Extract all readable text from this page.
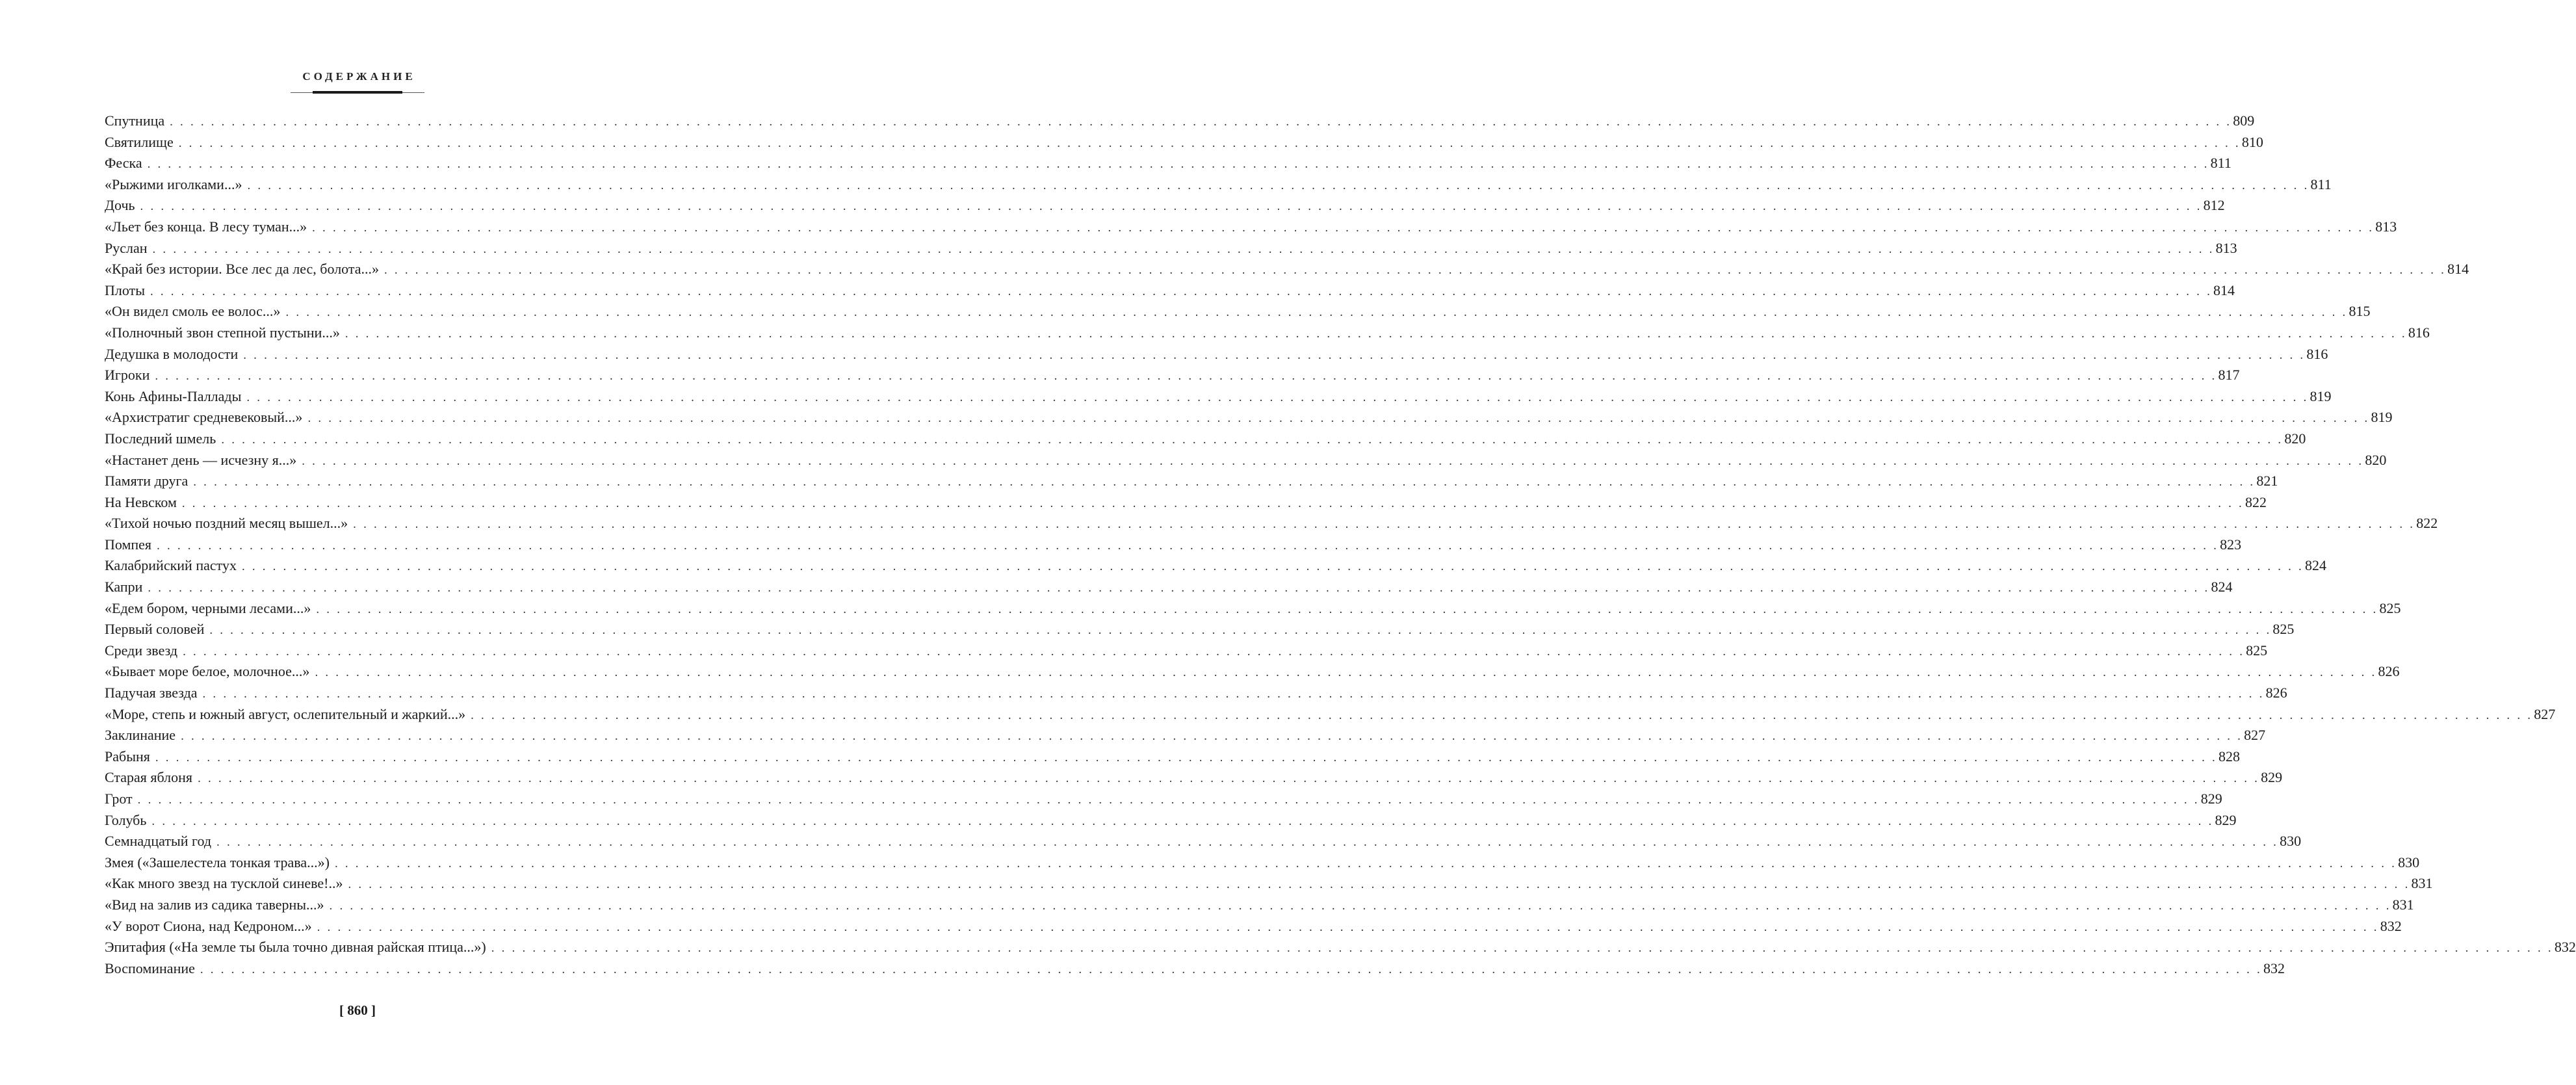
СОДЕРЖАНИЕ
Спутница . . . . . . . . . . . . . . . . . . . . . . . . . . . . . . . . . . . . . . . . . . . . . . . . . . . . . . . . . . . . . . . . . . . . . . . . . . . . . . . . . . . . . . . . . . . . . . . . . . . . . . . . . . . . . . . . . . . . . . . . . . . . . . . . . . . . . . . . . . . . . . . . . . . . . . . . . . . . . . . . . . . . . . . . . . . . . . . . . . . . . . . . . . . . . . . . . . . . . . . . 809
Святилище . . . . . . . . . . . . . . . . . . . . . . . . . . . . . . . . . . . . . . . . . . . . . . . . . . . . . . . . . . . . . . . . . . . . . . . . . . . . . . . . . . . . . . . . . . . . . . . . . . . . . . . . . . . . . . . . . . . . . . . . . . . . . . . . . . . . . . . . . . . . . . . . . . . . . . . . . . . . . . . . . . . . . . . . . . . . . . . . . . . . . . . . . . . . . . . . . . . . . . . . 810
Феска . . . . . . . . . . . . . . . . . . . . . . . . . . . . . . . . . . . . . . . . . . . . . . . . . . . . . . . . . . . . . . . . . . . . . . . . . . . . . . . . . . . . . . . . . . . . . . . . . . . . . . . . . . . . . . . . . . . . . . . . . . . . . . . . . . . . . . . . . . . . . . . . . . . . . . . . . . . . . . . . . . . . . . . . . . . . . . . . . . . . . . . . . . . . . . . . . . . . . . . . 811
«Рыжими иголками...» . . . . . . . . . . . . . . . . . . . . . . . . . . . . . . . . . . . . . . . . . . . . . . . . . . . . . . . . . . . . . . . . . . . . . . . . . . . . . . . . . . . . . . . . . . . . . . . . . . . . . . . . . . . . . . . . . . . . . . . . . . . . . . . . . . . . . . . . . . . . . . . . . . . . . . . . . . . . . . . . . . . . . . . . . . . . . . . . . . . . . . . . . . . . . . . . . . . . . . . . 811
Дочь . . . . . . . . . . . . . . . . . . . . . . . . . . . . . . . . . . . . . . . . . . . . . . . . . . . . . . . . . . . . . . . . . . . . . . . . . . . . . . . . . . . . . . . . . . . . . . . . . . . . . . . . . . . . . . . . . . . . . . . . . . . . . . . . . . . . . . . . . . . . . . . . . . . . . . . . . . . . . . . . . . . . . . . . . . . . . . . . . . . . . . . . . . . . . . . . . . . . . . . . 812
«Льет без конца. В лесу туман...» . . . . . . . . . . . . . . . . . . . . . . . . . . . . . . . . . . . . . . . . . . . . . . . . . . . . . . . . . . . . . . . . . . . . . . . . . . . . . . . . . . . . . . . . . . . . . . . . . . . . . . . . . . . . . . . . . . . . . . . . . . . . . . . . . . . . . . . . . . . . . . . . . . . . . . . . . . . . . . . . . . . . . . . . . . . . . . . . . . . . . . . . . . . . . . . . . . . . . . . . 813
Руслан . . . . . . . . . . . . . . . . . . . . . . . . . . . . . . . . . . . . . . . . . . . . . . . . . . . . . . . . . . . . . . . . . . . . . . . . . . . . . . . . . . . . . . . . . . . . . . . . . . . . . . . . . . . . . . . . . . . . . . . . . . . . . . . . . . . . . . . . . . . . . . . . . . . . . . . . . . . . . . . . . . . . . . . . . . . . . . . . . . . . . . . . . . . . . . . . . . . . . . . . 813
«Край без истории. Все лес да лес, болота...» . . . . . . . . . . . . . . . . . . . . . . . . . . . . . . . . . . . . . . . . . . . . . . . . . . . . . . . . . . . . . . . . . . . . . . . . . . . . . . . . . . . . . . . . . . . . . . . . . . . . . . . . . . . . . . . . . . . . . . . . . . . . . . . . . . . . . . . . . . . . . . . . . . . . . . . . . . . . . . . . . . . . . . . . . . . . . . . . . . . . . . . . . . . . . . . . . . . . . . . . 814
Плоты . . . . . . . . . . . . . . . . . . . . . . . . . . . . . . . . . . . . . . . . . . . . . . . . . . . . . . . . . . . . . . . . . . . . . . . . . . . . . . . . . . . . . . . . . . . . . . . . . . . . . . . . . . . . . . . . . . . . . . . . . . . . . . . . . . . . . . . . . . . . . . . . . . . . . . . . . . . . . . . . . . . . . . . . . . . . . . . . . . . . . . . . . . . . . . . . . . . . . . . . 814
«Он видел смоль ее волос...» . . . . . . . . . . . . . . . . . . . . . . . . . . . . . . . . . . . . . . . . . . . . . . . . . . . . . . . . . . . . . . . . . . . . . . . . . . . . . . . . . . . . . . . . . . . . . . . . . . . . . . . . . . . . . . . . . . . . . . . . . . . . . . . . . . . . . . . . . . . . . . . . . . . . . . . . . . . . . . . . . . . . . . . . . . . . . . . . . . . . . . . . . . . . . . . . . . . . . . . . 815
«Полночный звон степной пустыни...» . . . . . . . . . . . . . . . . . . . . . . . . . . . . . . . . . . . . . . . . . . . . . . . . . . . . . . . . . . . . . . . . . . . . . . . . . . . . . . . . . . . . . . . . . . . . . . . . . . . . . . . . . . . . . . . . . . . . . . . . . . . . . . . . . . . . . . . . . . . . . . . . . . . . . . . . . . . . . . . . . . . . . . . . . . . . . . . . . . . . . . . . . . . . . . . . . . . . . . . . 816
Дедушка в молодости . . . . . . . . . . . . . . . . . . . . . . . . . . . . . . . . . . . . . . . . . . . . . . . . . . . . . . . . . . . . . . . . . . . . . . . . . . . . . . . . . . . . . . . . . . . . . . . . . . . . . . . . . . . . . . . . . . . . . . . . . . . . . . . . . . . . . . . . . . . . . . . . . . . . . . . . . . . . . . . . . . . . . . . . . . . . . . . . . . . . . . . . . . . . . . . . . . . . . . . . 816
Игроки . . . . . . . . . . . . . . . . . . . . . . . . . . . . . . . . . . . . . . . . . . . . . . . . . . . . . . . . . . . . . . . . . . . . . . . . . . . . . . . . . . . . . . . . . . . . . . . . . . . . . . . . . . . . . . . . . . . . . . . . . . . . . . . . . . . . . . . . . . . . . . . . . . . . . . . . . . . . . . . . . . . . . . . . . . . . . . . . . . . . . . . . . . . . . . . . . . . . . . . . 817
Конь Афины-Паллады . . . . . . . . . . . . . . . . . . . . . . . . . . . . . . . . . . . . . . . . . . . . . . . . . . . . . . . . . . . . . . . . . . . . . . . . . . . . . . . . . . . . . . . . . . . . . . . . . . . . . . . . . . . . . . . . . . . . . . . . . . . . . . . . . . . . . . . . . . . . . . . . . . . . . . . . . . . . . . . . . . . . . . . . . . . . . . . . . . . . . . . . . . . . . . . . . . . . . . . . 819
«Архистратиг средневековый...» . . . . . . . . . . . . . . . . . . . . . . . . . . . . . . . . . . . . . . . . . . . . . . . . . . . . . . . . . . . . . . . . . . . . . . . . . . . . . . . . . . . . . . . . . . . . . . . . . . . . . . . . . . . . . . . . . . . . . . . . . . . . . . . . . . . . . . . . . . . . . . . . . . . . . . . . . . . . . . . . . . . . . . . . . . . . . . . . . . . . . . . . . . . . . . . . . . . . . . . . 819
Последний шмель . . . . . . . . . . . . . . . . . . . . . . . . . . . . . . . . . . . . . . . . . . . . . . . . . . . . . . . . . . . . . . . . . . . . . . . . . . . . . . . . . . . . . . . . . . . . . . . . . . . . . . . . . . . . . . . . . . . . . . . . . . . . . . . . . . . . . . . . . . . . . . . . . . . . . . . . . . . . . . . . . . . . . . . . . . . . . . . . . . . . . . . . . . . . . . . . . . . . . . . . 820
«Настанет день — исчезну я...» . . . . . . . . . . . . . . . . . . . . . . . . . . . . . . . . . . . . . . . . . . . . . . . . . . . . . . . . . . . . . . . . . . . . . . . . . . . . . . . . . . . . . . . . . . . . . . . . . . . . . . . . . . . . . . . . . . . . . . . . . . . . . . . . . . . . . . . . . . . . . . . . . . . . . . . . . . . . . . . . . . . . . . . . . . . . . . . . . . . . . . . . . . . . . . . . . . . . . . . . 820
Памяти друга . . . . . . . . . . . . . . . . . . . . . . . . . . . . . . . . . . . . . . . . . . . . . . . . . . . . . . . . . . . . . . . . . . . . . . . . . . . . . . . . . . . . . . . . . . . . . . . . . . . . . . . . . . . . . . . . . . . . . . . . . . . . . . . . . . . . . . . . . . . . . . . . . . . . . . . . . . . . . . . . . . . . . . . . . . . . . . . . . . . . . . . . . . . . . . . . . . . . . . . . 821
На Невском . . . . . . . . . . . . . . . . . . . . . . . . . . . . . . . . . . . . . . . . . . . . . . . . . . . . . . . . . . . . . . . . . . . . . . . . . . . . . . . . . . . . . . . . . . . . . . . . . . . . . . . . . . . . . . . . . . . . . . . . . . . . . . . . . . . . . . . . . . . . . . . . . . . . . . . . . . . . . . . . . . . . . . . . . . . . . . . . . . . . . . . . . . . . . . . . . . . . . . . . 822
«Тихой ночью поздний месяц вышел...» . . . . . . . . . . . . . . . . . . . . . . . . . . . . . . . . . . . . . . . . . . . . . . . . . . . . . . . . . . . . . . . . . . . . . . . . . . . . . . . . . . . . . . . . . . . . . . . . . . . . . . . . . . . . . . . . . . . . . . . . . . . . . . . . . . . . . . . . . . . . . . . . . . . . . . . . . . . . . . . . . . . . . . . . . . . . . . . . . . . . . . . . . . . . . . . . . . . . . . . . 822
Помпея . . . . . . . . . . . . . . . . . . . . . . . . . . . . . . . . . . . . . . . . . . . . . . . . . . . . . . . . . . . . . . . . . . . . . . . . . . . . . . . . . . . . . . . . . . . . . . . . . . . . . . . . . . . . . . . . . . . . . . . . . . . . . . . . . . . . . . . . . . . . . . . . . . . . . . . . . . . . . . . . . . . . . . . . . . . . . . . . . . . . . . . . . . . . . . . . . . . . . . . . 823
Калабрийский пастух . . . . . . . . . . . . . . . . . . . . . . . . . . . . . . . . . . . . . . . . . . . . . . . . . . . . . . . . . . . . . . . . . . . . . . . . . . . . . . . . . . . . . . . . . . . . . . . . . . . . . . . . . . . . . . . . . . . . . . . . . . . . . . . . . . . . . . . . . . . . . . . . . . . . . . . . . . . . . . . . . . . . . . . . . . . . . . . . . . . . . . . . . . . . . . . . . . . . . . . . 824
Капри . . . . . . . . . . . . . . . . . . . . . . . . . . . . . . . . . . . . . . . . . . . . . . . . . . . . . . . . . . . . . . . . . . . . . . . . . . . . . . . . . . . . . . . . . . . . . . . . . . . . . . . . . . . . . . . . . . . . . . . . . . . . . . . . . . . . . . . . . . . . . . . . . . . . . . . . . . . . . . . . . . . . . . . . . . . . . . . . . . . . . . . . . . . . . . . . . . . . . . . . 824
«Едем бором, черными лесами...» . . . . . . . . . . . . . . . . . . . . . . . . . . . . . . . . . . . . . . . . . . . . . . . . . . . . . . . . . . . . . . . . . . . . . . . . . . . . . . . . . . . . . . . . . . . . . . . . . . . . . . . . . . . . . . . . . . . . . . . . . . . . . . . . . . . . . . . . . . . . . . . . . . . . . . . . . . . . . . . . . . . . . . . . . . . . . . . . . . . . . . . . . . . . . . . . . . . . . . . . 825
Первый соловей . . . . . . . . . . . . . . . . . . . . . . . . . . . . . . . . . . . . . . . . . . . . . . . . . . . . . . . . . . . . . . . . . . . . . . . . . . . . . . . . . . . . . . . . . . . . . . . . . . . . . . . . . . . . . . . . . . . . . . . . . . . . . . . . . . . . . . . . . . . . . . . . . . . . . . . . . . . . . . . . . . . . . . . . . . . . . . . . . . . . . . . . . . . . . . . . . . . . . . . . 825
Среди звезд . . . . . . . . . . . . . . . . . . . . . . . . . . . . . . . . . . . . . . . . . . . . . . . . . . . . . . . . . . . . . . . . . . . . . . . . . . . . . . . . . . . . . . . . . . . . . . . . . . . . . . . . . . . . . . . . . . . . . . . . . . . . . . . . . . . . . . . . . . . . . . . . . . . . . . . . . . . . . . . . . . . . . . . . . . . . . . . . . . . . . . . . . . . . . . . . . . . . . . . . 825
«Бывает море белое, молочное...» . . . . . . . . . . . . . . . . . . . . . . . . . . . . . . . . . . . . . . . . . . . . . . . . . . . . . . . . . . . . . . . . . . . . . . . . . . . . . . . . . . . . . . . . . . . . . . . . . . . . . . . . . . . . . . . . . . . . . . . . . . . . . . . . . . . . . . . . . . . . . . . . . . . . . . . . . . . . . . . . . . . . . . . . . . . . . . . . . . . . . . . . . . . . . . . . . . . . . . . . 826
Падучая звезда . . . . . . . . . . . . . . . . . . . . . . . . . . . . . . . . . . . . . . . . . . . . . . . . . . . . . . . . . . . . . . . . . . . . . . . . . . . . . . . . . . . . . . . . . . . . . . . . . . . . . . . . . . . . . . . . . . . . . . . . . . . . . . . . . . . . . . . . . . . . . . . . . . . . . . . . . . . . . . . . . . . . . . . . . . . . . . . . . . . . . . . . . . . . . . . . . . . . . . . . 826
«Море, степь и южный август, ослепительный и жаркий...» . . . . . . . . . . . . . . . . . . . . . . . . . . . . . . . . . . . . . . . . . . . . . . . . . . . . . . . . . . . . . . . . . . . . . . . . . . . . . . . . . . . . . . . . . . . . . . . . . . . . . . . . . . . . . . . . . . . . . . . . . . . . . . . . . . . . . . . . . . . . . . . . . . . . . . . . . . . . . . . . . . . . . . . . . . . . . . . . . . . . . . . . . . . . . . . . . . . . . . . . 827
Заклинание . . . . . . . . . . . . . . . . . . . . . . . . . . . . . . . . . . . . . . . . . . . . . . . . . . . . . . . . . . . . . . . . . . . . . . . . . . . . . . . . . . . . . . . . . . . . . . . . . . . . . . . . . . . . . . . . . . . . . . . . . . . . . . . . . . . . . . . . . . . . . . . . . . . . . . . . . . . . . . . . . . . . . . . . . . . . . . . . . . . . . . . . . . . . . . . . . . . . . . . . 827
Рабыня . . . . . . . . . . . . . . . . . . . . . . . . . . . . . . . . . . . . . . . . . . . . . . . . . . . . . . . . . . . . . . . . . . . . . . . . . . . . . . . . . . . . . . . . . . . . . . . . . . . . . . . . . . . . . . . . . . . . . . . . . . . . . . . . . . . . . . . . . . . . . . . . . . . . . . . . . . . . . . . . . . . . . . . . . . . . . . . . . . . . . . . . . . . . . . . . . . . . . . . . 828
Старая яблоня . . . . . . . . . . . . . . . . . . . . . . . . . . . . . . . . . . . . . . . . . . . . . . . . . . . . . . . . . . . . . . . . . . . . . . . . . . . . . . . . . . . . . . . . . . . . . . . . . . . . . . . . . . . . . . . . . . . . . . . . . . . . . . . . . . . . . . . . . . . . . . . . . . . . . . . . . . . . . . . . . . . . . . . . . . . . . . . . . . . . . . . . . . . . . . . . . . . . . . . . 829
Грот . . . . . . . . . . . . . . . . . . . . . . . . . . . . . . . . . . . . . . . . . . . . . . . . . . . . . . . . . . . . . . . . . . . . . . . . . . . . . . . . . . . . . . . . . . . . . . . . . . . . . . . . . . . . . . . . . . . . . . . . . . . . . . . . . . . . . . . . . . . . . . . . . . . . . . . . . . . . . . . . . . . . . . . . . . . . . . . . . . . . . . . . . . . . . . . . . . . . . . . . 829
Голубь . . . . . . . . . . . . . . . . . . . . . . . . . . . . . . . . . . . . . . . . . . . . . . . . . . . . . . . . . . . . . . . . . . . . . . . . . . . . . . . . . . . . . . . . . . . . . . . . . . . . . . . . . . . . . . . . . . . . . . . . . . . . . . . . . . . . . . . . . . . . . . . . . . . . . . . . . . . . . . . . . . . . . . . . . . . . . . . . . . . . . . . . . . . . . . . . . . . . . . . . 829
Семнадцатый год . . . . . . . . . . . . . . . . . . . . . . . . . . . . . . . . . . . . . . . . . . . . . . . . . . . . . . . . . . . . . . . . . . . . . . . . . . . . . . . . . . . . . . . . . . . . . . . . . . . . . . . . . . . . . . . . . . . . . . . . . . . . . . . . . . . . . . . . . . . . . . . . . . . . . . . . . . . . . . . . . . . . . . . . . . . . . . . . . . . . . . . . . . . . . . . . . . . . . . . . 830
Змея («Зашелестела тонкая трава...») . . . . . . . . . . . . . . . . . . . . . . . . . . . . . . . . . . . . . . . . . . . . . . . . . . . . . . . . . . . . . . . . . . . . . . . . . . . . . . . . . . . . . . . . . . . . . . . . . . . . . . . . . . . . . . . . . . . . . . . . . . . . . . . . . . . . . . . . . . . . . . . . . . . . . . . . . . . . . . . . . . . . . . . . . . . . . . . . . . . . . . . . . . . . . . . . . . . . . . . . 830
«Как много звезд на тусклой синеве!..» . . . . . . . . . . . . . . . . . . . . . . . . . . . . . . . . . . . . . . . . . . . . . . . . . . . . . . . . . . . . . . . . . . . . . . . . . . . . . . . . . . . . . . . . . . . . . . . . . . . . . . . . . . . . . . . . . . . . . . . . . . . . . . . . . . . . . . . . . . . . . . . . . . . . . . . . . . . . . . . . . . . . . . . . . . . . . . . . . . . . . . . . . . . . . . . . . . . . . . . . 831
«Вид на залив из садика таверны...» . . . . . . . . . . . . . . . . . . . . . . . . . . . . . . . . . . . . . . . . . . . . . . . . . . . . . . . . . . . . . . . . . . . . . . . . . . . . . . . . . . . . . . . . . . . . . . . . . . . . . . . . . . . . . . . . . . . . . . . . . . . . . . . . . . . . . . . . . . . . . . . . . . . . . . . . . . . . . . . . . . . . . . . . . . . . . . . . . . . . . . . . . . . . . . . . . . . . . . . . 831
«У ворот Сиона, над Кедроном...» . . . . . . . . . . . . . . . . . . . . . . . . . . . . . . . . . . . . . . . . . . . . . . . . . . . . . . . . . . . . . . . . . . . . . . . . . . . . . . . . . . . . . . . . . . . . . . . . . . . . . . . . . . . . . . . . . . . . . . . . . . . . . . . . . . . . . . . . . . . . . . . . . . . . . . . . . . . . . . . . . . . . . . . . . . . . . . . . . . . . . . . . . . . . . . . . . . . . . . . . 832
Эпитафия («На земле ты была точно дивная райская птица...») . . . . . . . . . . . . . . . . . . . . . . . . . . . . . . . . . . . . . . . . . . . . . . . . . . . . . . . . . . . . . . . . . . . . . . . . . . . . . . . . . . . . . . . . . . . . . . . . . . . . . . . . . . . . . . . . . . . . . . . . . . . . . . . . . . . . . . . . . . . . . . . . . . . . . . . . . . . . . . . . . . . . . . . . . . . . . . . . . . . . . . . . . . . . . . . . . . . . . . . . 832
Воспоминание . . . . . . . . . . . . . . . . . . . . . . . . . . . . . . . . . . . . . . . . . . . . . . . . . . . . . . . . . . . . . . . . . . . . . . . . . . . . . . . . . . . . . . . . . . . . . . . . . . . . . . . . . . . . . . . . . . . . . . . . . . . . . . . . . . . . . . . . . . . . . . . . . . . . . . . . . . . . . . . . . . . . . . . . . . . . . . . . . . . . . . . . . . . . . . . . . . . . . . . . 832
[ 860 ]
